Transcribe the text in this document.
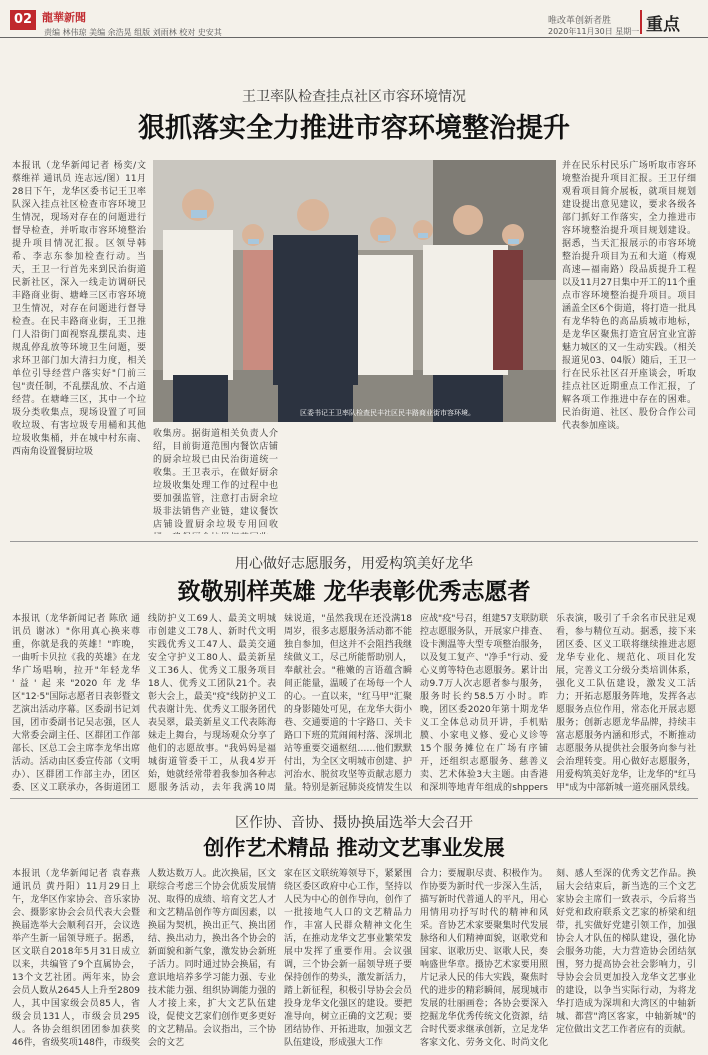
02 龍華新聞
责编 林伟琼 美编 余浩晃 组版 刘雨林 校对 史安其
唯改革创新者胜
2020年11月30日 星期一 重点
王卫率队检查挂点社区市容环境情况
狠抓落实全力推进市容环境整治提升
本报讯（龙华新闻记者 杨奕/文 蔡维祥 通讯员 连志远/图）11月28日下午，龙华区委书记王卫率队深入挂点社区检查市容环境卫生情况，现场对存在的问题进行督导检查，并听取市容环境整治提升项目情况汇报。区领导韩希、李志东参加检查行动。当天，王卫一行首先来到民治街道民新社区，深入一线走访调研民丰路商业街、塘峰三区市容环境卫生情况，对存在问题进行督导检查。在民丰路商业街，王卫推门人沿街门面视察乱摆乱卖、违规乱停乱放等环境卫生问题，要求环卫部门加大清扫力度，相关单位引导经营户落实好"门前三包"责任制，不乱摆乱放、不占道经营。在塘峰三区，其中一个垃圾分类收集点，现场设置了可回收垃圾、有害垃圾专用桶和其他垃圾收集桶，并在城中村东南、西南角设置餐厨垃圾
区委书记王卫率队检查民丰社区民丰路商业街市容环境。
收集房。据街道相关负责人介绍，目前街道范围内餐饮店铺的厨余垃圾已由民治街道统一收集。王卫表示，在做好厨余垃圾收集处理工作的过程中也要加强监管，注意打击厨余垃圾非法销售产业链，建议餐饮店铺设置厨余垃圾专用回收
并在民乐村民乐广场听取市容环境整治提升项目汇报。王卫仔细观看项目简介展板，就项目规划建设提出意见建议，要求各级各部门抓好工作落实，全力推进市容环境整治提升项目规划建设。据悉，当天汇报展示的市容环境整治提升项目为五和大道（梅观高速—福南路）段品质提升工程以及11月27日集中开工的11个重点市容环境整治提升项目。项目涵盖全区6个街道，将打造一批具有龙华特色的高品质城市地标，是龙华区聚焦打造宜居宜业宜游魅力城区的又一生动实践。（相关报道见03、04版）随后，王卫一行在民乐社区召开座谈会，听取挂点社区近期重点工作汇报，了解各项工作推进中存在的困难。民治街道、社区、股份合作公司代表参加座谈。
用心做好志愿服务，用爱构筑美好龙华
致敬别样英雄 龙华表彰优秀志愿者
本报讯（龙华新闻记者 陈欣 通讯员 谢冰）"你用真心换来尊重，你就是我的英雄！"昨晚，一曲听卡贝拉《我的英雄》在龙华广场唱响，拉开"年轻龙华 '益'起来"2020年龙华区"12·5"国际志愿者日表彰暨文艺演出活动序幕。区委副书记刘国，团市委副书记吴志强，区人大常委会副主任、区群团工作部部长、区总工会主席李龙华出席活动。活动由区委宣传部（文明办）、区群团工作部主办，团区委、区义工联承办，各街道团工
线防护义工69人、最美文明城市创建义工78人、新时代文明实践优秀义工47人、最美交通安全守护义工80人、最美新星义工36人、优秀义工服务项目18人、优秀义工团队21个。表彰大会上，最美"疫"线防护义工代表谢计先、优秀义工服务团代表吴翠，最美新星义工代表陈海妹走上舞台，与现场观众分享了他们的志愿故事。"我妈妈是福城街道管委干工，从我4岁开始，她就经常带着我参加各种志愿服务活动，去年我满10周
妹说道，"虽然我现在还没满18周岁，很多志愿服务活动都不能独自参加，但这并不会阻挡我继续做义工，尽己所能帮助别人，奉献社会。"稚嫩的言语蕴含瞬间正能量，温暖了在场每一个人的心。一直以来，"红马甲"汇聚的身影随处可见，在龙华大街小巷、交通要道的十字路口、关卡路口下班的荒闹闹村落、深圳北站等重要交通枢纽……他们默默付出，为全区文明城市创建、护河治水、脱贫攻坚等贡献志愿力量。特别是新冠肺炎疫情发生以
应战"疫"号召，组建57支联防联控志愿服务队，开展家户排查、设卡测温等大型专项整治服务，以及复工复产、"净手"行动、爱心义剪等特色志愿服务。累计出动9.7万人次志愿者参与服务，服务时长约58.5万小时。昨晚，团区委2020年第十期龙华义工全体总动员开讲，手机贴膜、小家电义修、爱心义诊等15个服务摊位在广场有序铺开，还组织志愿服务、慈善义卖、艺术体验3大主题。由香港和深圳等地青年组成的shppers
乐表演，吸引了千余名市民驻足观看，参与精位互动。据悉，接下来团区委、区义工联将继续推进志愿龙华专业化、规范化、项目化发展，完善义工分级分类培训体系，强化义工队伍建设，激发义工活力；开拓志愿服务阵地，发挥各志愿服务点位作用，常态化开展志愿服务；创新志愿龙华品牌，持续丰富志愿服务内涵和形式，不断推动志愿服务从提供社会服务向参与社会治理转变。用心做好志愿服务，用爱构筑美好龙华，让龙华的"红马甲"成为中部新城一道亮丽风景线。
区作协、音协、摄协换届选举大会召开
创作艺术精品 推动文艺事业发展
本报讯（龙华新闻记者 袁春燕 通讯员 黄丹阳）11月29日上午，龙华区作家协会、音乐家协会、摄影家协会会员代表大会暨换届选举大会顺利召开，会议选举产生新一届领导班子。据悉，区文联自2018年5月31日成立以来，共编管了9个直属协会，13个文艺社团。两年来，协会会员人数从2645人上升至2809人，其中国家级会员85人，省级会员131人，市级会员295人。各协会组织团团参加获奖46件，省级奖项148件，市级奖
人数达数万人。此次换届，区文联综合考虑三个协会优质发展情况、取得的成绩、培育文艺人才和文艺精品创作等方面因素，以换届为契机，换出正气、换出团结、换出动力，换出各个协会的新面貌和新气象，激发协会新班子活力。同时通过协会换届，有意识地培养多学习能力强、专业技术能力强、组织协调能力强的人才接上来，扩大文艺队伍建设，促使文艺家们创作更多更好的文艺精品。会议指出，三个协会的文艺
家在区文联统筹领导下，紧紧围绕区委区政府中心工作，坚持以人民为中心的创作导向，创作了一批接地气人口的文艺精品力作，丰富人民群众精神文化生活，在推动龙华文艺事业繁荣发展中发挥了重要作用。会议强调，三个协会新一届领导班子要保持创作的势头，激发新活力，踏上新征程，积极引导协会会员投身龙华文化强区的建设。要把准导向，树立正确的文艺观；要团结协作、开拓进取，加强文艺队伍建设，形成强大工作
合力；要履职尽责、积极作为。作协要为新时代一步深入生活，描写新时代普通人的平凡，用心用情用功抒写时代的精神和风采。音协艺术家要聚集时代发展脉络和人们精神面貌，讴歌党和国家、讴歌历史、讴歌人民，奏响盛世华章。摄协艺术家要用照片记录人民的伟大实践，聚焦时代的进步的精彩瞬间，展现城市发展的壮丽画卷；各协会要深入挖掘龙华优秀传统文化资源，结合时代要求继承创新，立足龙华客家文化、劳务文化、时尚文化
刻、感人至深的优秀文艺作品。换届大会结束后，新当选的三个文艺家协会主席们一致表示，今后将当好党和政府联系文艺家的桥梁和纽带，扎实做好党建引领工作，加强协会人才队伍的梯队建设，强化协会服务功能，大力营造协会团结氛围，努力提高协会社会影响力，引导协会会员更加投入龙华文艺事业的建设，以争当实际行动，为将龙华打造成为深圳和大湾区的中轴新城、都营"湾区客家，中轴新城"的定位做出文艺工作者应有的贡献。
